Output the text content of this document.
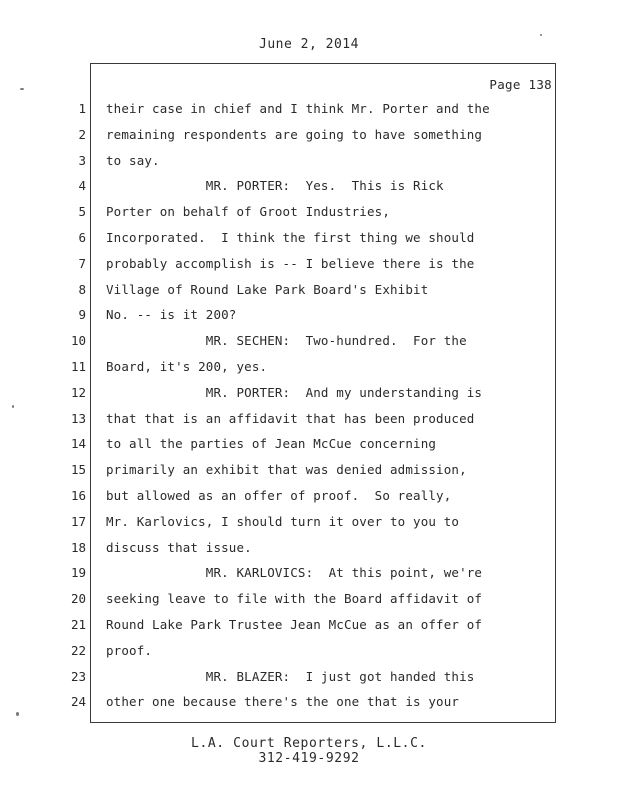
June 2, 2014
Page 138
1
2
3
4
5
6
7
8
9
10
11
12
13
14
15
16
17
18
19
20
21
22
23
24
their case in chief and I think Mr. Porter and the
remaining respondents are going to have something
to say.
MR. PORTER:  Yes.  This is Rick
Porter on behalf of Groot Industries,
Incorporated.  I think the first thing we should
probably accomplish is -- I believe there is the
Village of Round Lake Park Board's Exhibit
No. -- is it 200?
MR. SECHEN:  Two-hundred.  For the
Board, it's 200, yes.
MR. PORTER:  And my understanding is
that that is an affidavit that has been produced
to all the parties of Jean McCue concerning
primarily an exhibit that was denied admission,
but allowed as an offer of proof.  So really,
Mr. Karlovics, I should turn it over to you to
discuss that issue.
MR. KARLOVICS:  At this point, we're
seeking leave to file with the Board affidavit of
Round Lake Park Trustee Jean McCue as an offer of
proof.
MR. BLAZER:  I just got handed this
other one because there's the one that is your
L.A. Court Reporters, L.L.C.
312-419-9292
